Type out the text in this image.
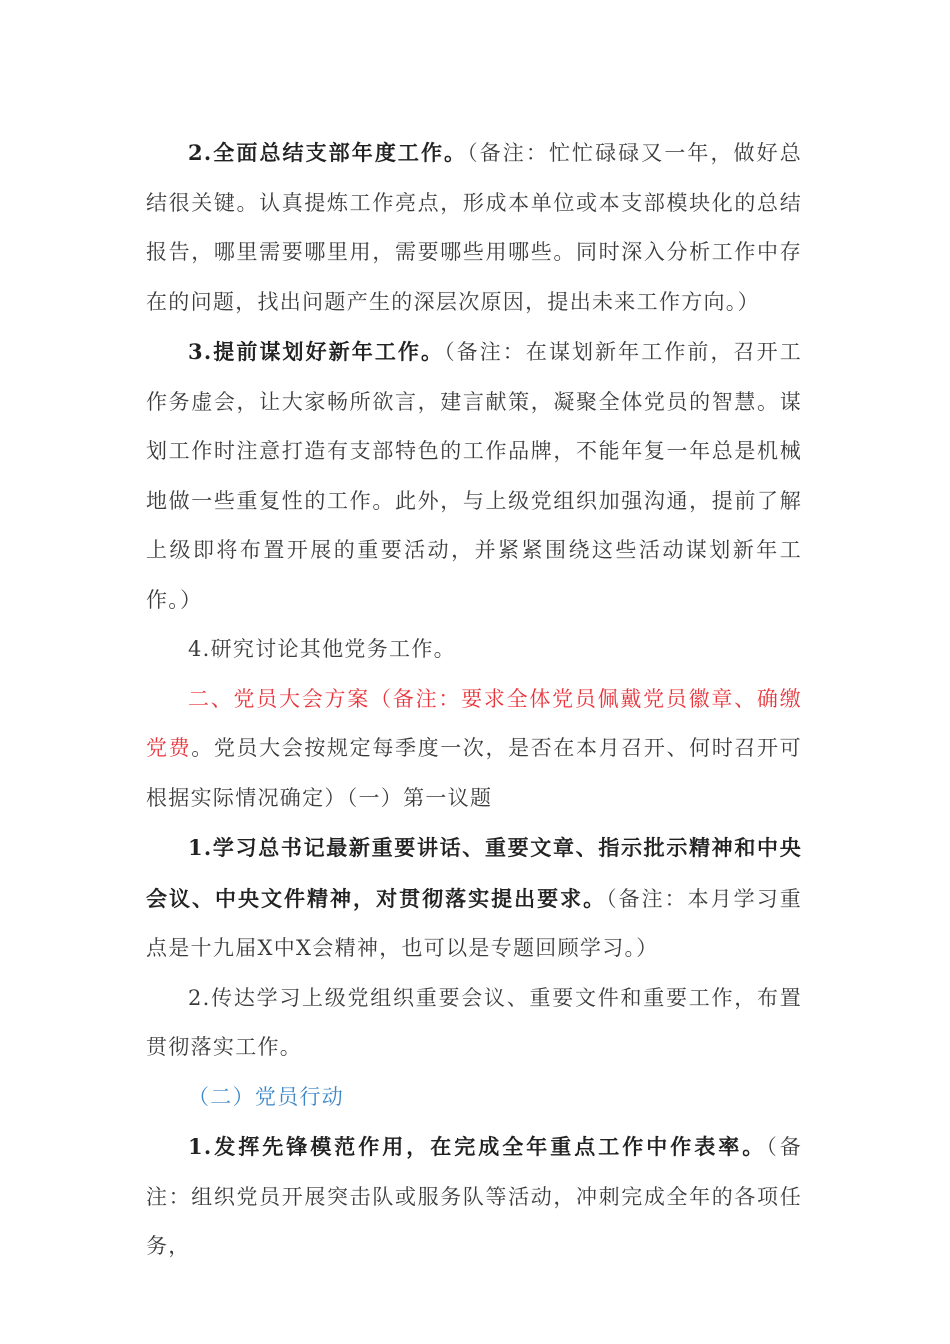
2.全面总结支部年度工作。（备注：忙忙碌碌又一年，做好总结很关键。认真提炼工作亮点，形成本单位或本支部模块化的总结报告，哪里需要哪里用，需要哪些用哪些。同时深入分析工作中存在的问题，找出问题产生的深层次原因，提出未来工作方向。）

3.提前谋划好新年工作。（备注：在谋划新年工作前，召开工作务虚会，让大家畅所欲言，建言献策，凝聚全体党员的智慧。谋划工作时注意打造有支部特色的工作品牌，不能年复一年总是机械地做一些重复性的工作。此外，与上级党组织加强沟通，提前了解上级即将布置开展的重要活动，并紧紧围绕这些活动谋划新年工作。）

4.研究讨论其他党务工作。

二、党员大会方案（备注：要求全体党员佩戴党员徽章、确缴党费。党员大会按规定每季度一次，是否在本月召开、何时召开可根据实际情况确定）（一）第一议题

1.学习总书记最新重要讲话、重要文章、指示批示精神和中央会议、中央文件精神，对贯彻落实提出要求。（备注：本月学习重点是十九届X中X会精神，也可以是专题回顾学习。）

2.传达学习上级党组织重要会议、重要文件和重要工作，布置贯彻落实工作。

（二）党员行动

1.发挥先锋模范作用，在完成全年重点工作中作表率。（备注：组织党员开展突击队或服务队等活动，冲刺完成全年的各项任务，
